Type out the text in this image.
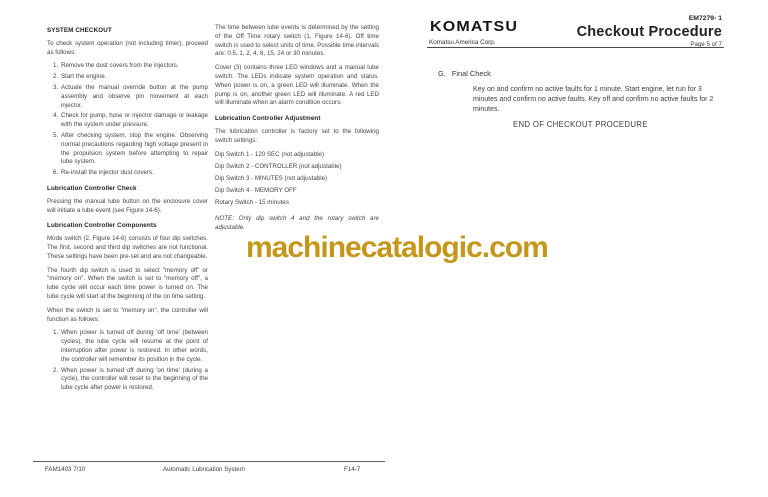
SYSTEM CHECKOUT

To check system operation (not including timer), proceed as follows:

1. Remove the dust covers from the injectors.
2. Start the engine.
3. Actuate the manual override button at the pump assembly and observe pin movement at each injector.
4. Check for pump, hose or injector damage or leakage with the system under pressure.
5. After checking system, stop the engine. Observing normal precautions regarding high voltage present in the propulsion system before attempting to repair lube system.
6. Re-install the injector dust covers.
Lubrication Controller Check

Pressing the manual lube button on the enclosure cover will initiate a lube event (see Figure 14-6).

Lubrication Controller Components

Mode switch (2, Figure 14-6) consists of four dip switches. The first, second and third dip switches are not functional. These settings have been pre-set and are not changeable.

The fourth dip switch is used to select "memory off" or "memory on". When the switch is set to "memory off", a lube cycle will occur each time power is turned on. The lube cycle will start at the beginning of the on time setting.

When the switch is set to "memory on", the controller will function as follows:

1. When power is turned off during 'off time' (between cycles), the lube cycle will resume at the point of interruption after power is restored. In other words, the controller will remember its position in the cycle.
2. When power is turned off during 'on time' (during a cycle), the controller will reset to the beginning of the lube cycle after power is restored.

The time between lube events is determined by the setting of the Off Time rotary switch (1, Figure 14-6). Off time switch is used to select units of time. Possible time intervals are: 0.5, 1, 2, 4, 8, 15, 24 or 30 minutes.

Cover (3) contains three LED windows and a manual lube switch. The LEDs indicate system operation and status. When power is on, a green LED will illuminate. When the pump is on, another green LED will illuminate. A red LED will illuminate when an alarm condition occurs.

Lubrication Controller Adjustment

The lubrication controller is factory set to the following switch settings:

Dip Switch 1 - 120 SEC (not adjustable)
Dip Switch 2 - CONTROLLER (not adjustable)
Dip Switch 3 - MINUTES (not adjustable)
Dip Switch 4 - MEMORY OFF
Rotary Switch - 15 minutes

NOTE: Only dip switch 4 and the rotary switch are adjustable.

KOMATSU
Komatsu America Corp.
EM7279- 1
Checkout Procedure
Page 5 of 7
G. Final Check
Key on and confirm no active faults for 1 minute. Start engine, let run for 3 minutes and confirm no active faults. Key off and confirm no active faults for 2 minutes.
END OF CHECKOUT PROCEDURE
FAM1403 7/10	Automatic Lubrication System	F14-7
machinecatalogic.com
